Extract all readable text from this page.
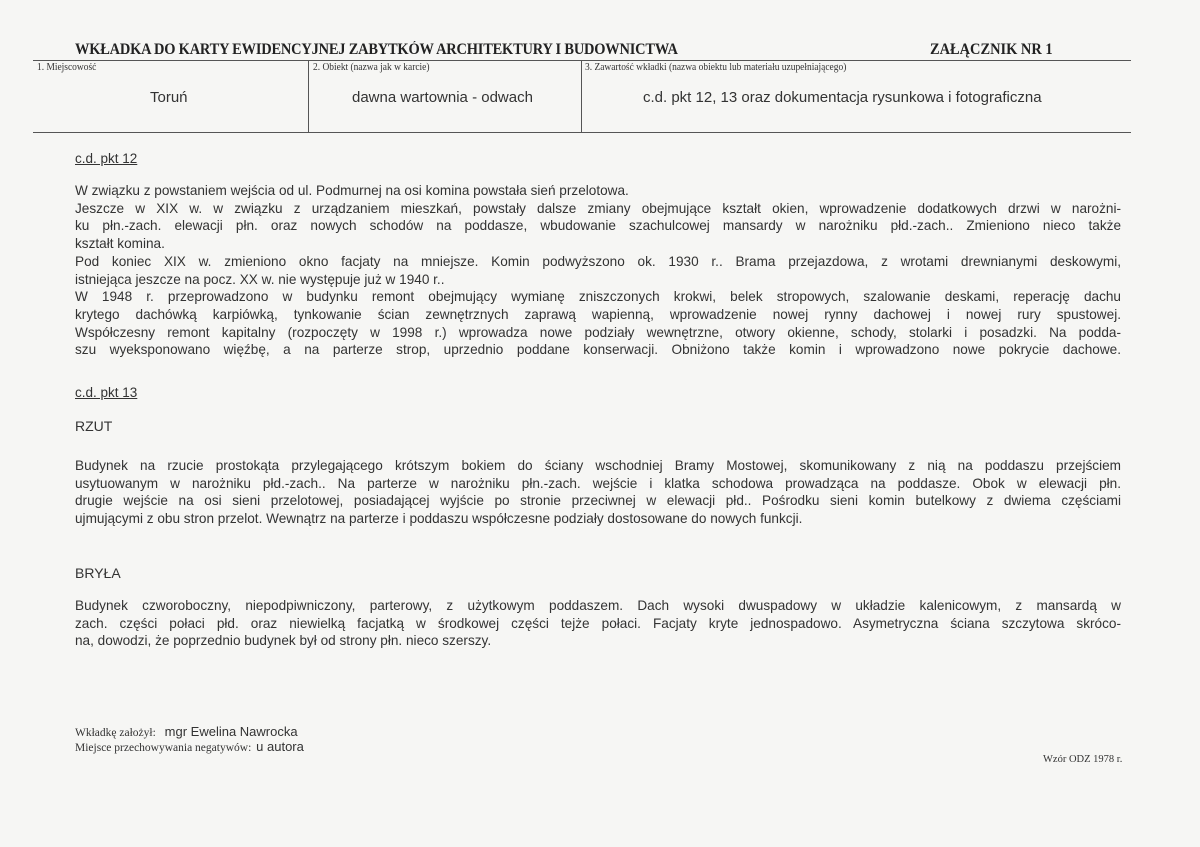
WKŁADKA DO KARTY EWIDENCYJNEJ ZABYTKÓW ARCHITEKTURY I BUDOWNICTWA	ZAŁĄCZNIK NR 1
1. Miejscowość
Toruń
2. Obiekt (nazwa jak w karcie)
dawna wartownia - odwach
3. Zawartość wkładki (nazwa obiektu lub materiału uzupełniającego)
c.d. pkt 12, 13 oraz dokumentacja rysunkowa i fotograficzna
c.d. pkt 12
W związku z powstaniem wejścia od ul. Podmurnej na osi komina powstała sień przelotowa.
Jeszcze w XIX w. w związku z urządzaniem mieszkań, powstały dalsze zmiany obejmujące kształt okien, wprowadzenie dodatkowych drzwi w narożni-
ku płn.-zach. elewacji płn. oraz nowych schodów na poddasze, wbudowanie szachulcowej mansardy w narożniku płd.-zach.. Zmieniono nieco także
kształt komina.
Pod koniec XIX w. zmieniono okno facjaty na mniejsze. Komin podwyższono ok. 1930 r.. Brama przejazdowa, z wrotami drewnianymi deskowymi,
istniejąca jeszcze na pocz. XX w. nie występuje już w 1940 r..
W 1948 r. przeprowadzono w budynku remont obejmujący wymianę zniszczonych krokwi, belek stropowych, szalowanie deskami, reperację dachu
krytego dachówką karpiówką, tynkowanie ścian zewnętrznych zaprawą wapienną, wprowadzenie nowej rynny dachowej i nowej rury spustowej.
Współczesny remont kapitalny (rozpoczęty w 1998 r.) wprowadza nowe podziały wewnętrzne, otwory okienne, schody, stolarki i posadzki. Na podda-
szu wyeksponowano więźbę, a na parterze strop, uprzednio poddane konserwacji. Obniżono także komin i wprowadzono nowe pokrycie dachowe.
c.d. pkt 13
RZUT
Budynek na rzucie prostokąta przylegającego krótszym bokiem do ściany wschodniej Bramy Mostowej, skomunikowany z nią na poddaszu przejściem
usytuowanym w narożniku płd.-zach.. Na parterze w narożniku płn.-zach. wejście i klatka schodowa prowadząca na poddasze. Obok w elewacji płn.
drugie wejście na osi sieni przelotowej, posiadającej wyjście po stronie przeciwnej w elewacji płd.. Pośrodku sieni komin butelkowy z dwiema częściami
ujmującymi z obu stron przelot. Wewnątrz na parterze i poddaszu współczesne podziały dostosowane do nowych funkcji.
BRYŁA
Budynek czworoboczny, niepodpiwniczony, parterowy, z użytkowym poddaszem. Dach wysoki dwuspadowy w układzie kalenicowym, z mansardą w
zach. części połaci płd. oraz niewielką facjatką w środkowej części tejże połaci. Facjaty kryte jednospadowo. Asymetryczna ściana szczytowa skróco-
na, dowodzi, że poprzednio budynek był od strony płn. nieco szerszy.
Wkładkę założył: mgr Ewelina Nawrocka
Miejsce przechowywania negatywów: u autora
Wzór ODZ 1978 r.
